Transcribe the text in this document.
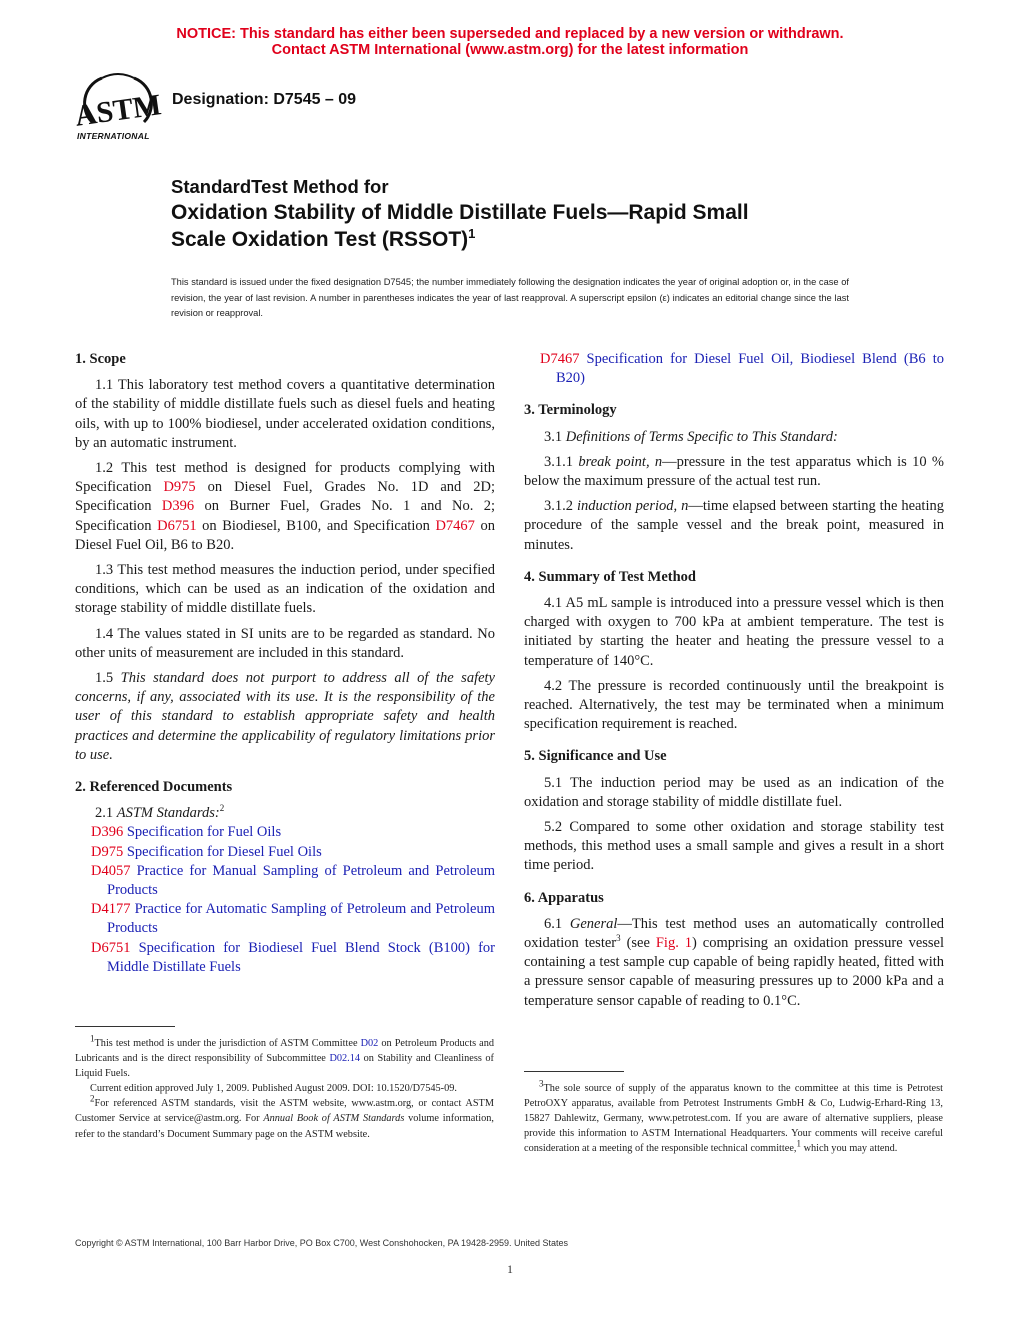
NOTICE: This standard has either been superseded and replaced by a new version or withdrawn.
Contact ASTM International (www.astm.org) for the latest information
ASTM
INTERNATIONAL
Designation: D7545 – 09
StandardTest Method for
Oxidation Stability of Middle Distillate Fuels—Rapid Small
Scale Oxidation Test (RSSOT)$^1$
This standard is issued under the fixed designation D7545; the number immediately following the designation indicates the year of original adoption or, in the case of revision, the year of last revision. A number in parentheses indicates the year of last reapproval. A superscript epsilon (ε) indicates an editorial change since the last revision or reapproval.
1. Scope

1.1 This laboratory test method covers a quantitative determination of the stability of middle distillate fuels such as diesel fuels and heating oils, with up to 100% biodiesel, under accelerated oxidation conditions, by an automatic instrument.

1.2 This test method is designed for products complying with Specification D975 on Diesel Fuel, Grades No. 1D and 2D; Specification D396 on Burner Fuel, Grades No. 1 and No. 2; Specification D6751 on Biodiesel, B100, and Specification D7467 on Diesel Fuel Oil, B6 to B20.

1.3 This test method measures the induction period, under specified conditions, which can be used as an indication of the oxidation and storage stability of middle distillate fuels.

1.4 The values stated in SI units are to be regarded as standard. No other units of measurement are included in this standard.

1.5 This standard does not purport to address all of the safety concerns, if any, associated with its use. It is the responsibility of the user of this standard to establish appropriate safety and health practices and determine the applicability of regulatory limitations prior to use.

2. Referenced Documents

2.1 ASTM Standards:$^2$

D396 Specification for Fuel Oils
D975 Specification for Diesel Fuel Oils
D4057 Practice for Manual Sampling of Petroleum and Petroleum Products
D4177 Practice for Automatic Sampling of Petroleum and Petroleum Products
D6751 Specification for Biodiesel Fuel Blend Stock (B100) for Middle Distillate Fuels

$^1$This test method is under the jurisdiction of ASTM Committee D02 on Petroleum Products and Lubricants and is the direct responsibility of Subcommittee D02.14 on Stability and Cleanliness of Liquid Fuels.

Current edition approved July 1, 2009. Published August 2009. DOI: 10.1520/D7545-09.

$^2$For referenced ASTM standards, visit the ASTM website, www.astm.org, or contact ASTM Customer Service at service@astm.org. For Annual Book of ASTM Standards volume information, refer to the standard’s Document Summary page on the ASTM website.

D7467 Specification for Diesel Fuel Oil, Biodiesel Blend (B6 to B20)
3. Terminology

3.1 Definitions of Terms Specific to This Standard:

3.1.1 break point, n—pressure in the test apparatus which is 10 % below the maximum pressure of the actual test run.

3.1.2 induction period, n—time elapsed between starting the heating procedure of the sample vessel and the break point, measured in minutes.

4. Summary of Test Method

4.1 A5 mL sample is introduced into a pressure vessel which is then charged with oxygen to 700 kPa at ambient temperature. The test is initiated by starting the heater and heating the pressure vessel to a temperature of 140°C.

4.2 The pressure is recorded continuously until the breakpoint is reached. Alternatively, the test may be terminated when a minimum specification requirement is reached.

5. Significance and Use

5.1 The induction period may be used as an indication of the oxidation and storage stability of middle distillate fuel.

5.2 Compared to some other oxidation and storage stability test methods, this method uses a small sample and gives a result in a short time period.

6. Apparatus

6.1 General—This test method uses an automatically controlled oxidation tester$^3$ (see Fig. 1) comprising an oxidation pressure vessel containing a test sample cup capable of being rapidly heated, fitted with a pressure sensor capable of measuring pressures up to 2000 kPa and a temperature sensor capable of reading to 0.1°C.

$^3$The sole source of supply of the apparatus known to the committee at this time is Petrotest PetroOXY apparatus, available from Petrotest Instruments GmbH & Co, Ludwig-Erhard-Ring 13, 15827 Dahlewitz, Germany, www.petrotest.com. If you are aware of alternative suppliers, please provide this information to ASTM International Headquarters. Your comments will receive careful consideration at a meeting of the responsible technical committee,$^1$ which you may attend.

Copyright © ASTM International, 100 Barr Harbor Drive, PO Box C700, West Conshohocken, PA 19428-2959. United States
1
